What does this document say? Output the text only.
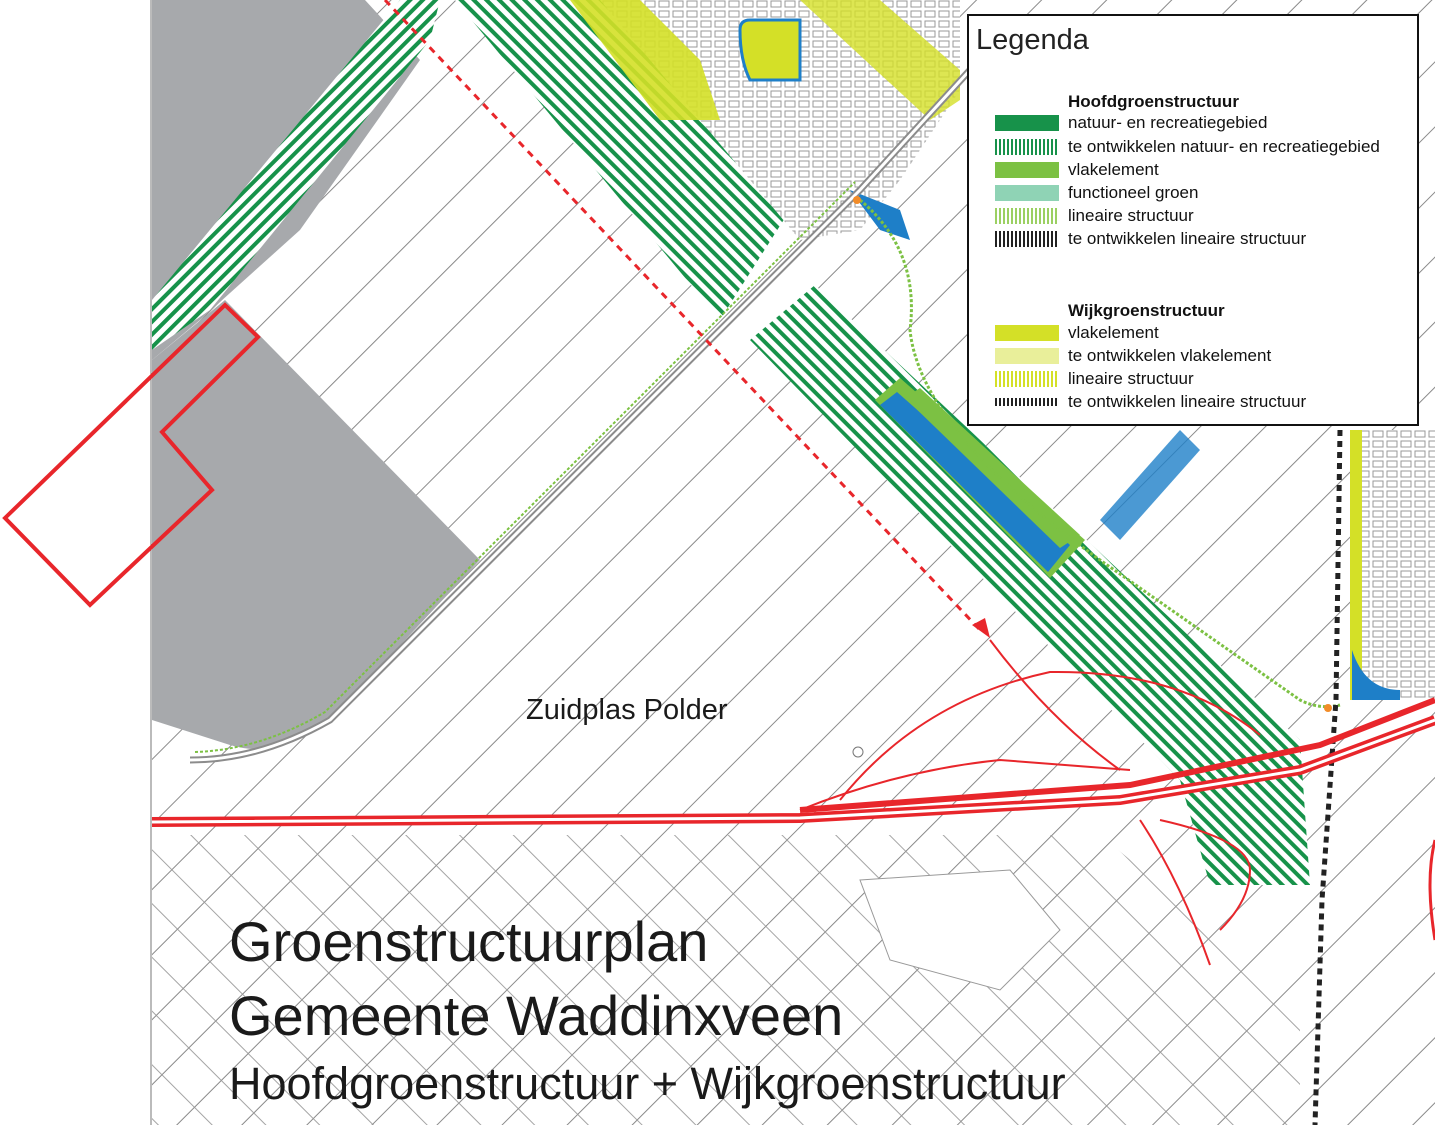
Zuidplas Polder
Groenstructuurplan
Gemeente Waddinxveen
Hoofdgroenstructuur + Wijkgroenstructuur
Legenda
Hoofdgroenstructuur
natuur- en recreatiegebied
te ontwikkelen natuur- en recreatiegebied
vlakelement
functioneel groen
lineaire structuur
te ontwikkelen lineaire structuur
Wijkgroenstructuur
vlakelement
te ontwikkelen vlakelement
lineaire structuur
te ontwikkelen lineaire structuur
